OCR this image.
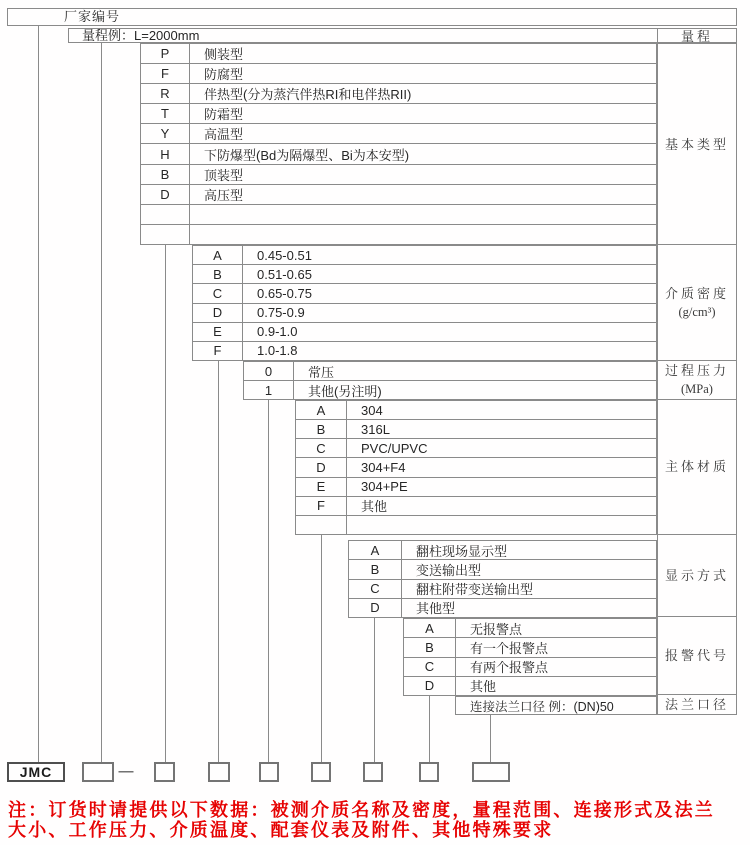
厂家编号
量程例：L=2000mm
P	侧装型
F	防腐型
R	伴热型(分为蒸汽伴热RI和电伴热RII)
T	防霜型
Y	高温型
H	下防爆型(Bd为隔爆型、Bi为本安型)
B	顶装型
D	高压型
A	0.45-0.51
B	0.51-0.65
C	0.65-0.75
D	0.75-0.9
E	0.9-1.0
F	1.0-1.8
0	常压
1	其他(另注明)
A	304
B	316L
C	PVC/UPVC
D	304+F4
E	304+PE
F	其他
A	翻柱现场显示型
B	变送输出型
C	翻柱附带变送输出型
D	其他型
A	无报警点
B	有一个报警点
C	有两个报警点
D	其他
连接法兰口径 例：(DN)50
量程
基本类型
介质密度
(g/cm³)
过程压力
(MPa)
主体材质
显示方式
报警代号
法兰口径
JMC	—
注：订货时请提供以下数据：被测介质名称及密度，量程范围、连接形式及法兰
大小、工作压力、介质温度、配套仪表及附件、其他特殊要求
